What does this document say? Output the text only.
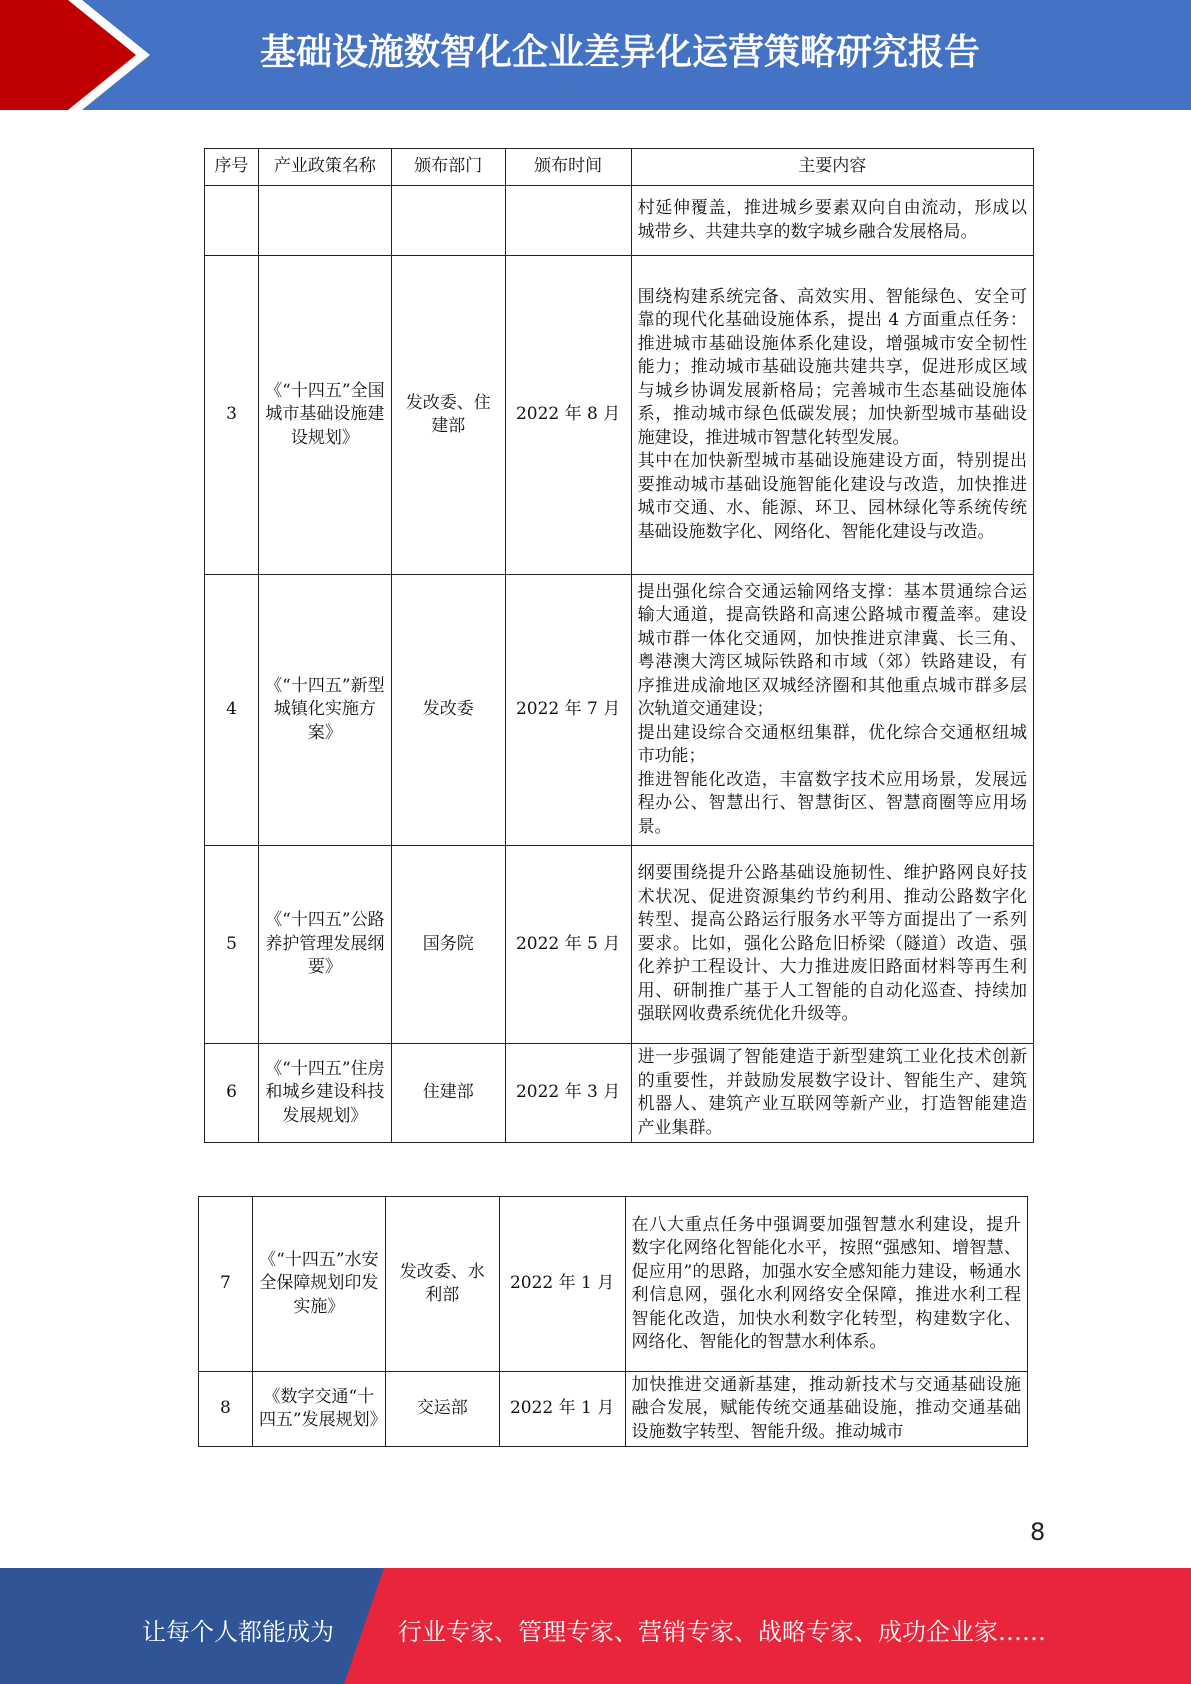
基础设施数智化企业差异化运营策略研究报告
序号	产业政策名称	颁布部门	颁布时间	主要内容
				村延伸覆盖，推进城乡要素双向自由流动，形成以城带乡、共建共享的数字城乡融合发展格局。
3	《“十四五”全国城市基础设施建设规划》	发改委、住建部	2022 年 8 月	围绕构建系统完备、高效实用、智能绿色、安全可靠的现代化基础设施体系，提出 4 方面重点任务：推进城市基础设施体系化建设，增强城市安全韧性能力；推动城市基础设施共建共享，促进形成区域与城乡协调发展新格局；完善城市生态基础设施体系，推动城市绿色低碳发展；加快新型城市基础设施建设，推进城市智慧化转型发展。
其中在加快新型城市基础设施建设方面，特别提出要推动城市基础设施智能化建设与改造，加快推进城市交通、水、能源、环卫、园林绿化等系统传统基础设施数字化、网络化、智能化建设与改造。
4	《“十四五”新型城镇化实施方案》	发改委	2022 年 7 月	提出强化综合交通运输网络支撑：基本贯通综合运输大通道，提高铁路和高速公路城市覆盖率。建设城市群一体化交通网，加快推进京津冀、长三角、粤港澳大湾区城际铁路和市域（郊）铁路建设，有序推进成渝地区双城经济圈和其他重点城市群多层次轨道交通建设；
提出建设综合交通枢纽集群，优化综合交通枢纽城市功能；
推进智能化改造，丰富数字技术应用场景，发展远程办公、智慧出行、智慧街区、智慧商圈等应用场景。
5	《“十四五”公路养护管理发展纲要》	国务院	2022 年 5 月	纲要围绕提升公路基础设施韧性、维护路网良好技术状况、促进资源集约节约利用、推动公路数字化转型、提高公路运行服务水平等方面提出了一系列要求。比如，强化公路危旧桥梁（隧道）改造、强化养护工程设计、大力推进废旧路面材料等再生利用、研制推广基于人工智能的自动化巡查、持续加强联网收费系统优化升级等。
6	《“十四五”住房和城乡建设科技发展规划》	住建部	2022 年 3 月	进一步强调了智能建造于新型建筑工业化技术创新的重要性，并鼓励发展数字设计、智能生产、建筑机器人、建筑产业互联网等新产业，打造智能建造产业集群。
7	《“十四五”水安全保障规划印发实施》	发改委、水利部	2022 年 1 月	在八大重点任务中强调要加强智慧水利建设，提升数字化网络化智能化水平，按照“强感知、增智慧、促应用”的思路，加强水安全感知能力建设，畅通水利信息网，强化水利网络安全保障，推进水利工程智能化改造，加快水利数字化转型，构建数字化、网络化、智能化的智慧水利体系。
8	《数字交通“十四五”发展规划》	交运部	2022 年 1 月	加快推进交通新基建，推动新技术与交通基础设施融合发展，赋能传统交通基础设施，推动交通基础设施数字转型、智能升级。推动城市
8
让每个人都能成为	行业专家、管理专家、营销专家、战略专家、成功企业家……
